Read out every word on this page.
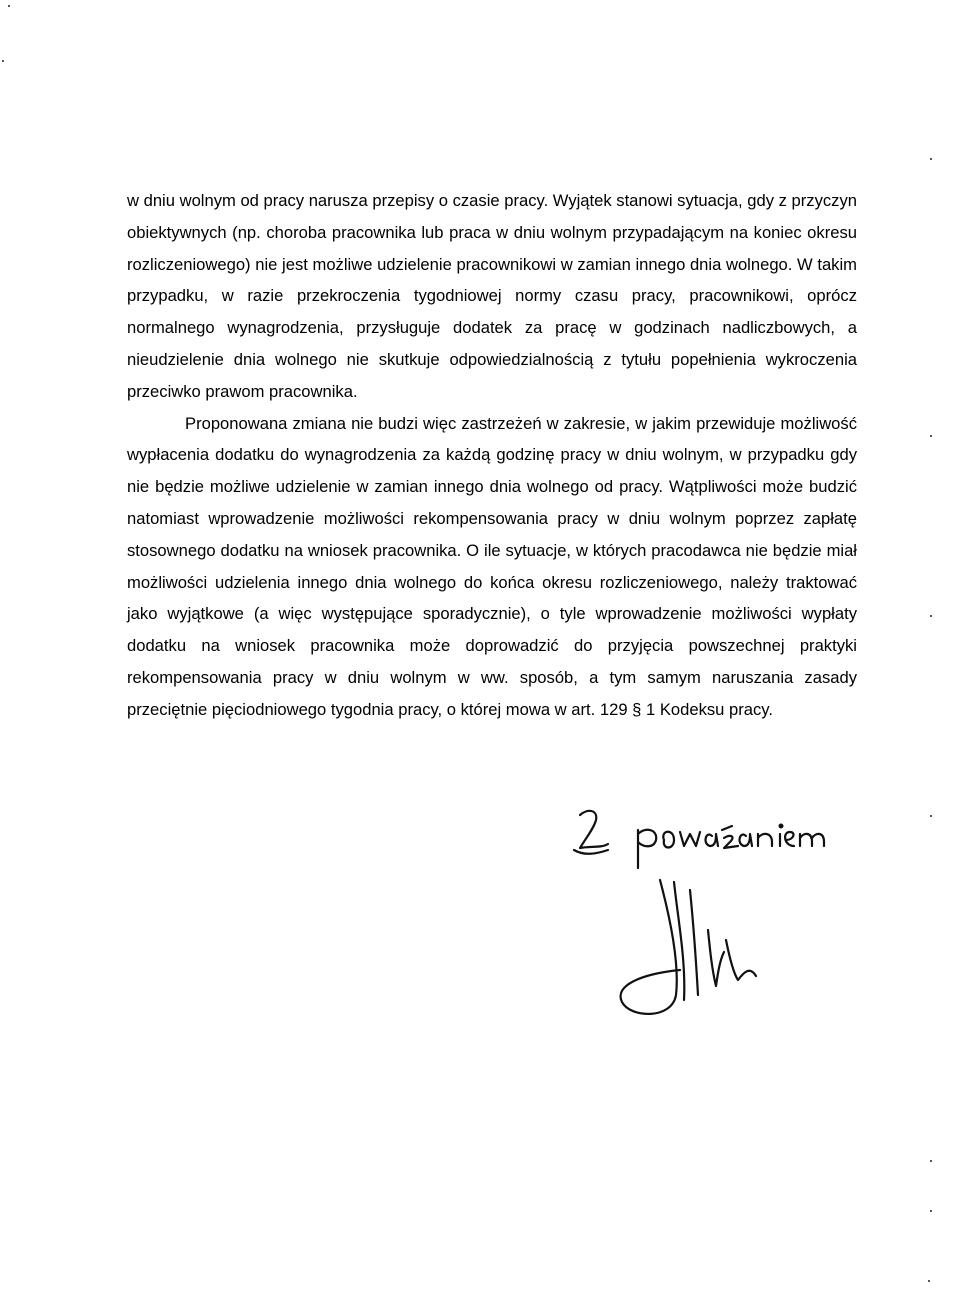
w dniu wolnym od pracy narusza przepisy o czasie pracy. Wyjątek stanowi sytuacja, gdy z przyczyn obiektywnych (np. choroba pracownika lub praca w dniu wolnym przypadającym na koniec okresu rozliczeniowego) nie jest możliwe udzielenie pracownikowi w zamian innego dnia wolnego. W takim przypadku, w razie przekroczenia tygodniowej normy czasu pracy, pracownikowi, oprócz normalnego wynagrodzenia, przysługuje dodatek za pracę w godzinach nadliczbowych, a nieudzielenie dnia wolnego nie skutkuje odpowiedzialnością z tytułu popełnienia wykroczenia przeciwko prawom pracownika.

Proponowana zmiana nie budzi więc zastrzeżeń w zakresie, w jakim przewiduje możliwość wypłacenia dodatku do wynagrodzenia za każdą godzinę pracy w dniu wolnym, w przypadku gdy nie będzie możliwe udzielenie w zamian innego dnia wolnego od pracy. Wątpliwości może budzić natomiast wprowadzenie możliwości rekompensowania pracy w dniu wolnym poprzez zapłatę stosownego dodatku na wniosek pracownika. O ile sytuacje, w których pracodawca nie będzie miał możliwości udzielenia innego dnia wolnego do końca okresu rozliczeniowego, należy traktować jako wyjątkowe (a więc występujące sporadycznie), o tyle wprowadzenie możliwości wypłaty dodatku na wniosek pracownika może doprowadzić do przyjęcia powszechnej praktyki rekompensowania pracy w dniu wolnym w ww. sposób, a tym samym naruszania zasady przeciętnie pięciodniowego tygodnia pracy, o której mowa w art. 129 § 1 Kodeksu pracy.
